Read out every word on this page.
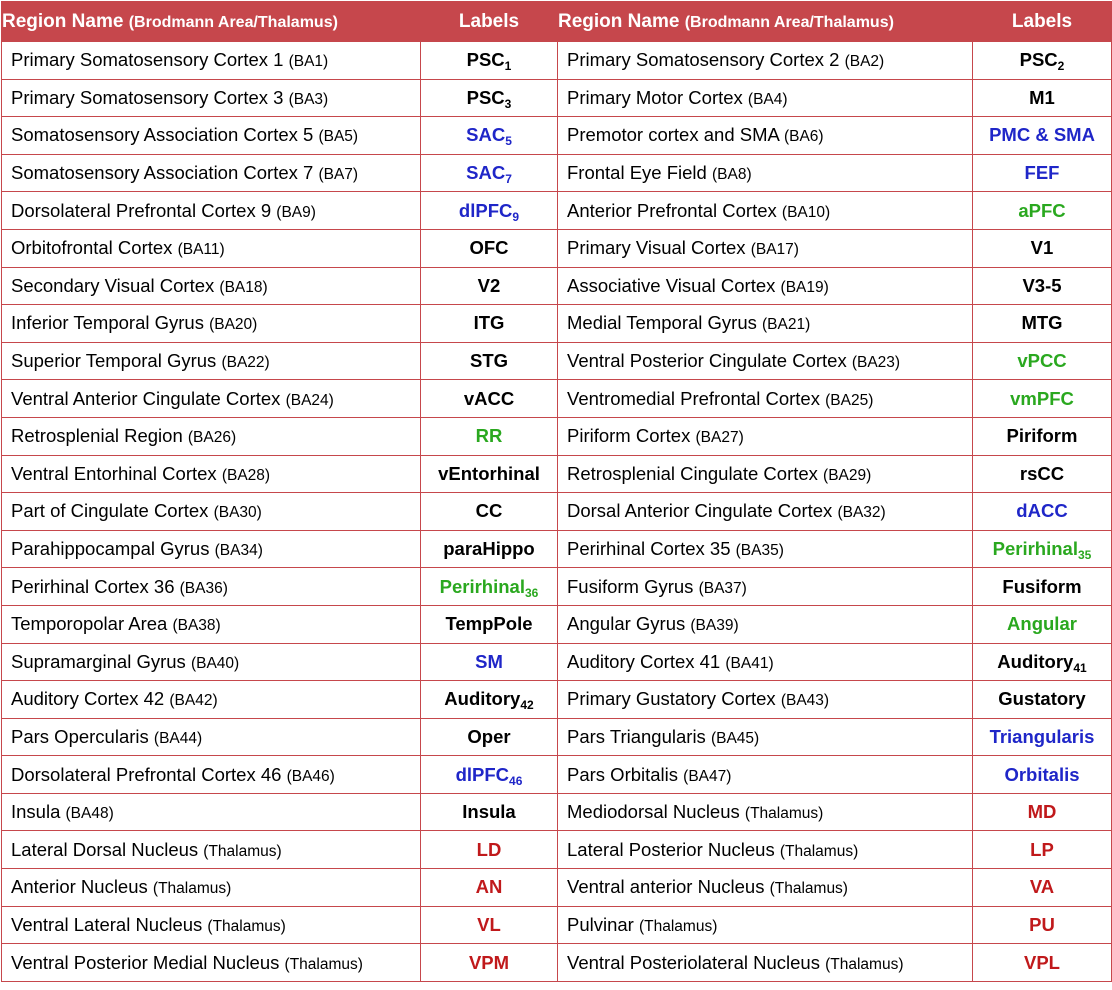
Region Name (Brodmann Area/Thalamus)	Labels	Region Name (Brodmann Area/Thalamus)	Labels
Primary Somatosensory Cortex 1 (BA1)	$PSC_1$	Primary Somatosensory Cortex 2 (BA2)	$PSC_2$
Primary Somatosensory Cortex 3 (BA3)	$PSC_3$	Primary Motor Cortex (BA4)	M1
Somatosensory Association Cortex 5 (BA5)	$SAC_5$	Premotor cortex and SMA (BA6)	PMC & SMA
Somatosensory Association Cortex 7 (BA7)	$SAC_7$	Frontal Eye Field (BA8)	FEF
Dorsolateral Prefrontal Cortex 9 (BA9)	dlPFC$_9$	Anterior Prefrontal Cortex (BA10)	aPFC
Orbitofrontal Cortex (BA11)	OFC	Primary Visual Cortex (BA17)	V1
Secondary Visual Cortex (BA18)	V2	Associative Visual Cortex (BA19)	V3-5
Inferior Temporal Gyrus (BA20)	ITG	Medial Temporal Gyrus (BA21)	MTG
Superior Temporal Gyrus (BA22)	STG	Ventral Posterior Cingulate Cortex (BA23)	vPCC
Ventral Anterior Cingulate Cortex (BA24)	vACC	Ventromedial Prefrontal Cortex (BA25)	vmPFC
Retrosplenial Region (BA26)	RR	Piriform Cortex (BA27)	Piriform
Ventral Entorhinal Cortex (BA28)	vEntorhinal	Retrosplenial Cingulate Cortex (BA29)	rsCC
Part of Cingulate Cortex (BA30)	CC	Dorsal Anterior Cingulate Cortex (BA32)	dACC
Parahippocampal Gyrus (BA34)	paraHippo	Perirhinal Cortex 35 (BA35)	Perirhinal$_{35}$
Perirhinal Cortex 36 (BA36)	Perirhinal$_{36}$	Fusiform Gyrus (BA37)	Fusiform
Temporopolar Area (BA38)	TempPole	Angular Gyrus (BA39)	Angular
Supramarginal Gyrus (BA40)	SM	Auditory Cortex 41 (BA41)	Auditory$_{41}$
Auditory Cortex 42 (BA42)	Auditory$_{42}$	Primary Gustatory Cortex (BA43)	Gustatory
Pars Opercularis (BA44)	Oper	Pars Triangularis (BA45)	Triangularis
Dorsolateral Prefrontal Cortex 46 (BA46)	dlPFC$_{46}$	Pars Orbitalis (BA47)	Orbitalis
Insula (BA48)	Insula	Mediodorsal Nucleus (Thalamus)	MD
Lateral Dorsal Nucleus (Thalamus)	LD	Lateral Posterior Nucleus (Thalamus)	LP
Anterior Nucleus (Thalamus)	AN	Ventral anterior Nucleus (Thalamus)	VA
Ventral Lateral Nucleus (Thalamus)	VL	Pulvinar (Thalamus)	PU
Ventral Posterior Medial Nucleus (Thalamus)	VPM	Ventral Posteriolateral Nucleus (Thalamus)	VPL
